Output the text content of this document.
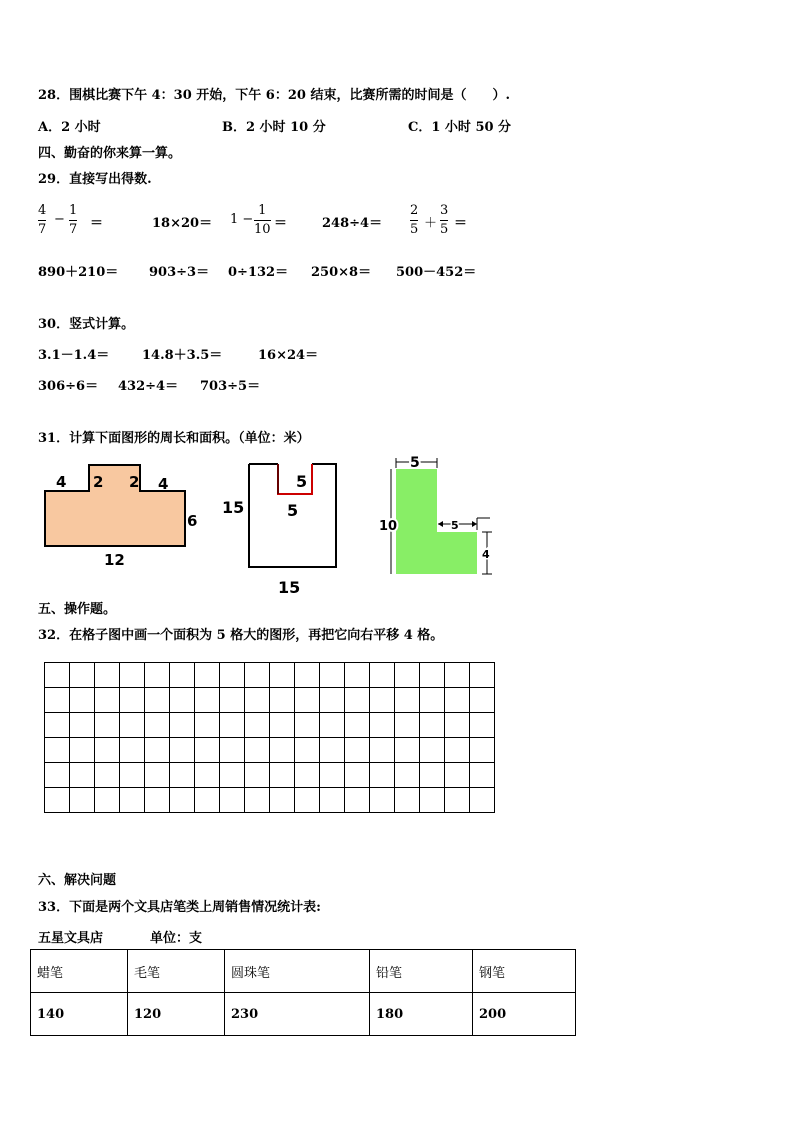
28．围棋比赛下午 4：30 开始，下午 6：20 结束，比赛所需的时间是（　　）.
A．2 小时	B．2 小时 10 分	C．1 小时 50 分
四、勤奋的你来算一算。
29．直接写出得数.
4
7
−
1
7 ＝	18×20＝ 1 −
1
10 ＝	248÷4＝
2
5 ＋
3
5 ＝
890＋210＝ 903÷3＝ 0÷132＝ 250×8＝ 500－452＝
30．竖式计算。
3.1－1.4＝	14.8＋3.5＝	16×24＝
306÷6＝ 432÷4＝ 703÷5＝
31．计算下面图形的周长和面积。（单位：米）
4 2 2 4
6
12
15
5
5
15
5
10	5
4
五、操作题。
32．在格子图中画一个面积为 5 格大的图形，再把它向右平移 4 格。

六、解决问题
33．下面是两个文具店笔类上周销售情况统计表:
五星文具店	单位：支
蜡笔	毛笔	圆珠笔	铅笔	钢笔
140	120	230	180	200
